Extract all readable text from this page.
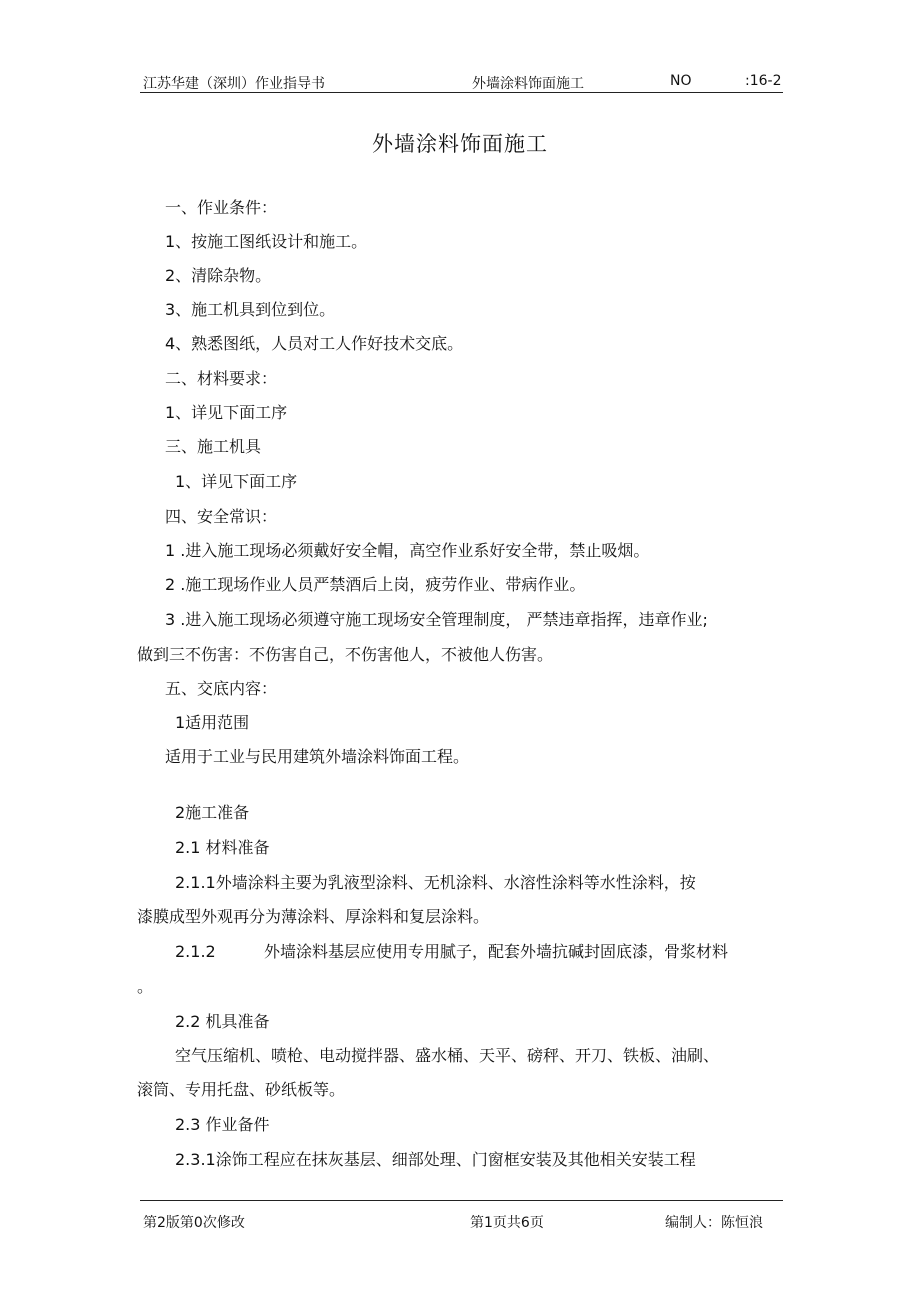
江苏华建（深圳）作业指导书	外墙涂料饰面施工	NO	:16-2
外墙涂料饰面施工
一、作业条件：
1、按施工图纸设计和施工。
2、清除杂物。
3、施工机具到位到位。
4、熟悉图纸，人员对工人作好技术交底。
二、材料要求：
1、详见下面工序
三、施工机具
1、详见下面工序
四、安全常识：
1 .进入施工现场必须戴好安全帽，高空作业系好安全带，禁止吸烟。
2 .施工现场作业人员严禁酒后上岗，疲劳作业、带病作业。
3 .进入施工现场必须遵守施工现场安全管理制度， 严禁违章指挥，违章作业;
做到三不伤害：不伤害自己，不伤害他人，不被他人伤害。
五、交底内容：
1适用范围
适用于工业与民用建筑外墙涂料饰面工程。
2施工准备
2.1 材料准备
2.1.1外墙涂料主要为乳液型涂料、无机涂料、水溶性涂料等水性涂料，按
漆膜成型外观再分为薄涂料、厚涂料和复层涂料。
2.1.2	外墙涂料基层应使用专用腻子，配套外墙抗碱封固底漆，骨浆材料
。
2.2 机具准备
空气压缩机、喷枪、电动搅拌器、盛水桶、天平、磅秤、开刀、铁板、油刷、
滚筒、专用托盘、砂纸板等。
2.3 作业备件
2.3.1涂饰工程应在抹灰基层、细部处理、门窗框安装及其他相关安装工程
第2版第0次修改	第1页共6页	编制人：陈恒浪
